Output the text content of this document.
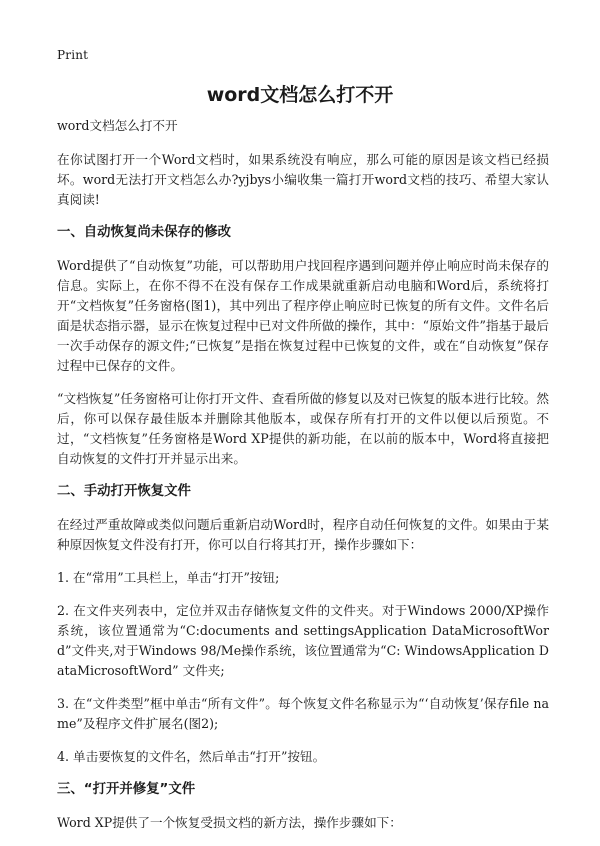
Print
word文档怎么打不开

word文档怎么打不开

在你试图打开一个Word文档时，如果系统没有响应，那么可能的原因是该文档已经损坏。word无法打开文档怎么办?yjbys小编收集一篇打开word文档的技巧、希望大家认真阅读!

一、自动恢复尚未保存的修改

Word提供了“自动恢复”功能，可以帮助用户找回程序遇到问题并停止响应时尚未保存的信息。实际上，在你不得不在没有保存工作成果就重新启动电脑和Word后，系统将打开“文档恢复”任务窗格(图1)，其中列出了程序停止响应时已恢复的所有文件。文件名后面是状态指示器，显示在恢复过程中已对文件所做的操作，其中：“原始文件”指基于最后一次手动保存的源文件;“已恢复”是指在恢复过程中已恢复的文件，或在“自动恢复”保存过程中已保存的文件。

“文档恢复”任务窗格可让你打开文件、查看所做的修复以及对已恢复的版本进行比较。然后，你可以保存最佳版本并删除其他版本，或保存所有打开的文件以便以后预览。不过，“文档恢复”任务窗格是Word XP提供的新功能，在以前的版本中，Word将直接把自动恢复的文件打开并显示出来。

二、手动打开恢复文件

在经过严重故障或类似问题后重新启动Word时，程序自动任何恢复的文件。如果由于某种原因恢复文件没有打开，你可以自行将其打开，操作步骤如下：

1. 在“常用”工具栏上，单击“打开”按钮;

2. 在文件夹列表中，定位并双击存储恢复文件的文件夹。对于Windows 2000/XP操作系统，该位置通常为“C:documents and settingsApplication DataMicrosoftWord”文件夹,对于Windows 98/Me操作系统，该位置通常为“C: WindowsApplication DataMicrosoftWord” 文件夹;

3. 在“文件类型”框中单击“所有文件”。每个恢复文件名称显示为“‘自动恢复’保存file name”及程序文件扩展名(图2);

4. 单击要恢复的文件名，然后单击“打开”按钮。

三、“打开并修复”文件

Word XP提供了一个恢复受损文档的新方法，操作步骤如下：
